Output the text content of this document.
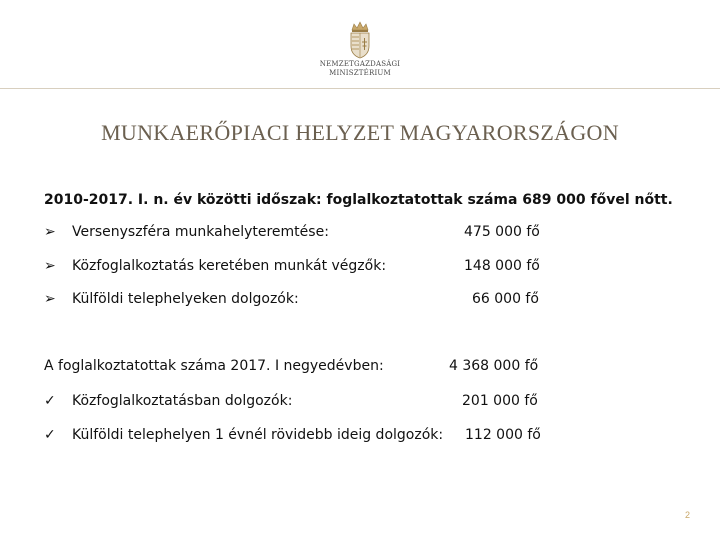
NEMZETGAZDASÁGI
MINISZTÉRIUM
MUNKAERŐPIACI HELYZET MAGYARORSZÁGON
2010-2017. I. n. év közötti időszak: foglalkoztatottak száma 689 000 fővel nőtt.
➢ Versenyszféra munkahelyteremtése:	475 000 fő
➢ Közfoglalkoztatás keretében munkát végzők:	148 000 fő
➢ Külföldi telephelyeken dolgozók:	66 000 fő
A foglalkoztatottak száma 2017. I negyedévben:	4 368 000 fő
✓ Közfoglalkoztatásban dolgozók:	201 000 fő
✓ Külföldi telephelyen 1 évnél rövidebb ideig dolgozók: 112 000 fő
2
